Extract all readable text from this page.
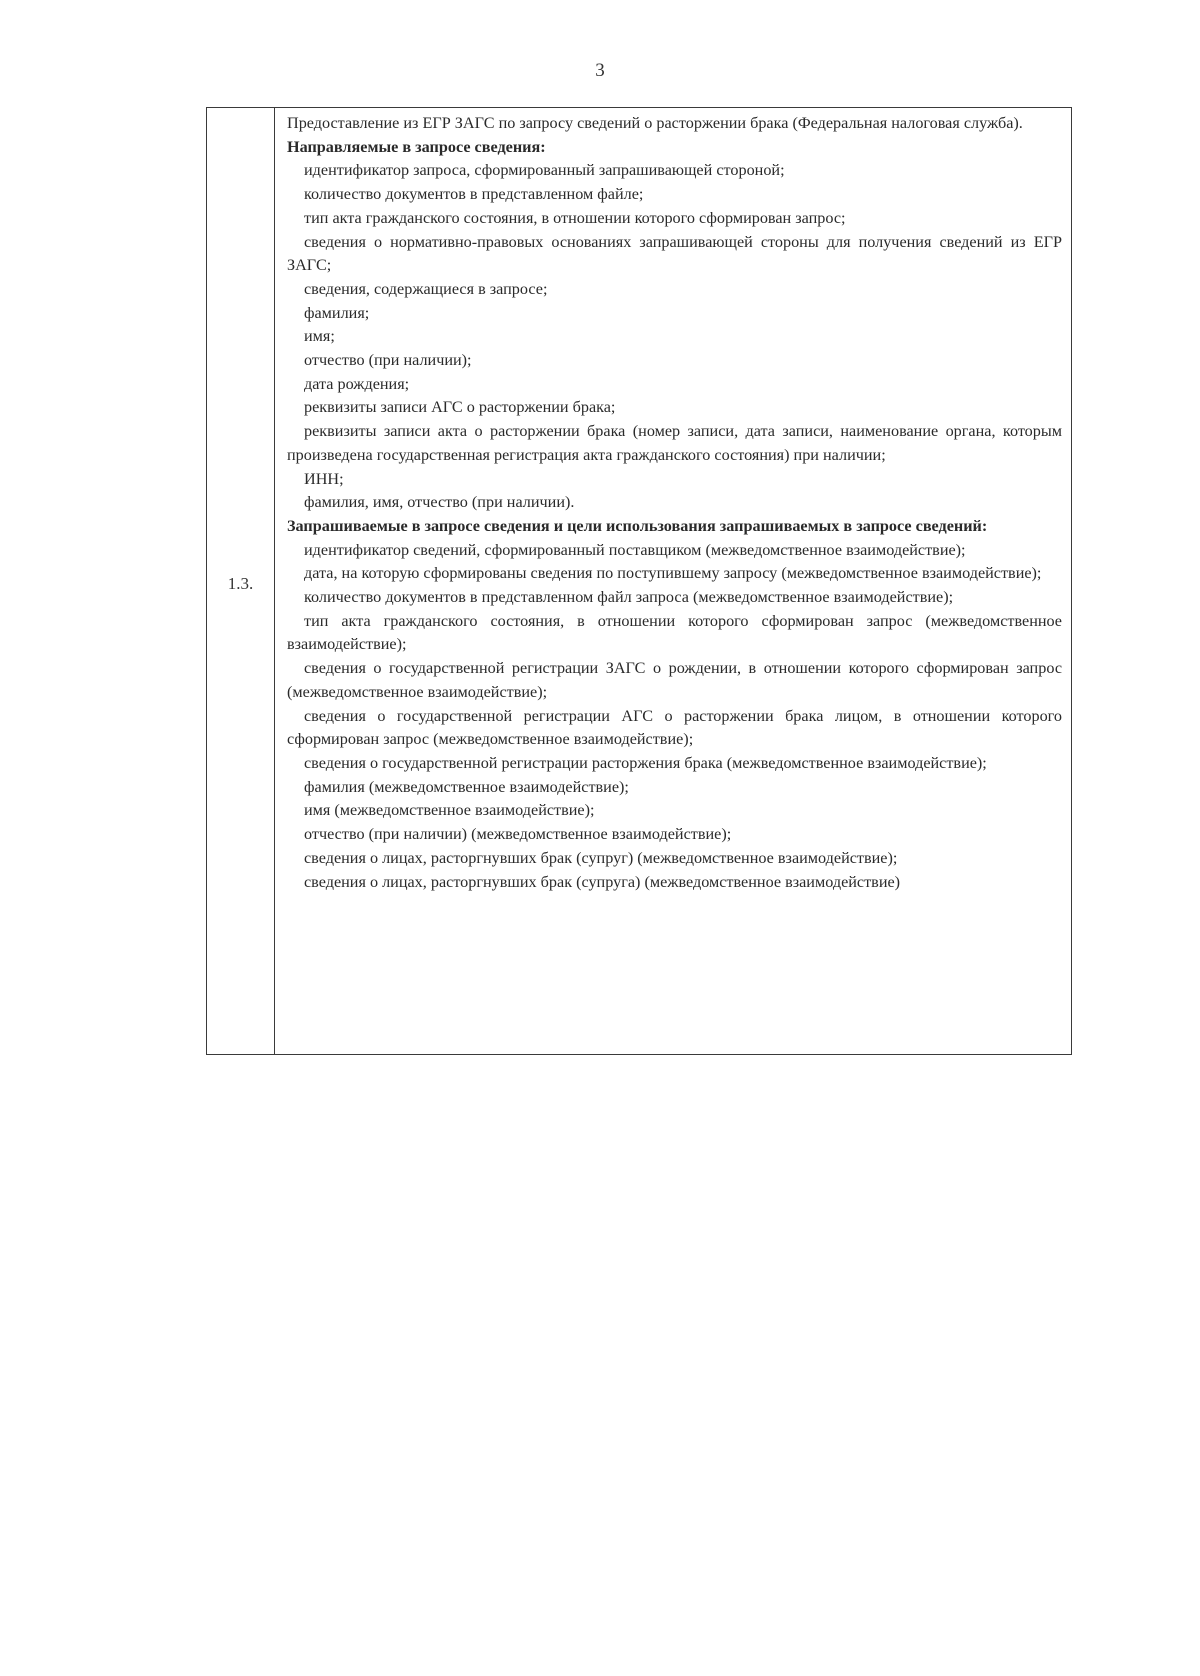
3
1.3.

Предоставление из ЕГР ЗАГС по запросу сведений о расторжении брака (Федеральная налоговая служба).

Направляемые в запросе сведения:

идентификатор запроса, сформированный запрашивающей стороной;

количество документов в представленном файле;

тип акта гражданского состояния, в отношении которого сформирован запрос;

сведения о нормативно-правовых основаниях запрашивающей стороны для получения сведений из ЕГР ЗАГС;

сведения, содержащиеся в запросе;

фамилия;

имя;

отчество (при наличии);

дата рождения;

реквизиты записи АГС о расторжении брака;

реквизиты записи акта о расторжении брака (номер записи, дата записи, наименование органа, которым произведена государственная регистрация акта гражданского состояния) при наличии;

ИНН;

фамилия, имя, отчество (при наличии).

Запрашиваемые в запросе сведения и цели использования запрашиваемых в запросе сведений:

идентификатор сведений, сформированный поставщиком (межведомственное взаимодействие);

дата, на которую сформированы сведения по поступившему запросу (межведомственное взаимодействие);

количество документов в представленном файл запроса (межведомственное взаимодействие);

тип акта гражданского состояния, в отношении которого сформирован запрос (межведомственное взаимодействие);

сведения о государственной регистрации ЗАГС о рождении, в отношении которого сформирован запрос (межведомственное взаимодействие);

сведения о государственной регистрации АГС о расторжении брака лицом, в отношении которого сформирован запрос (межведомственное взаимодействие);

сведения о государственной регистрации расторжения брака (межведомственное взаимодействие);

фамилия (межведомственное взаимодействие);

имя (межведомственное взаимодействие);

отчество (при наличии) (межведомственное взаимодействие);

сведения о лицах, расторгнувших брак (супруг) (межведомственное взаимодействие);

сведения о лицах, расторгнувших брак (супруга) (межведомственное взаимодействие)
